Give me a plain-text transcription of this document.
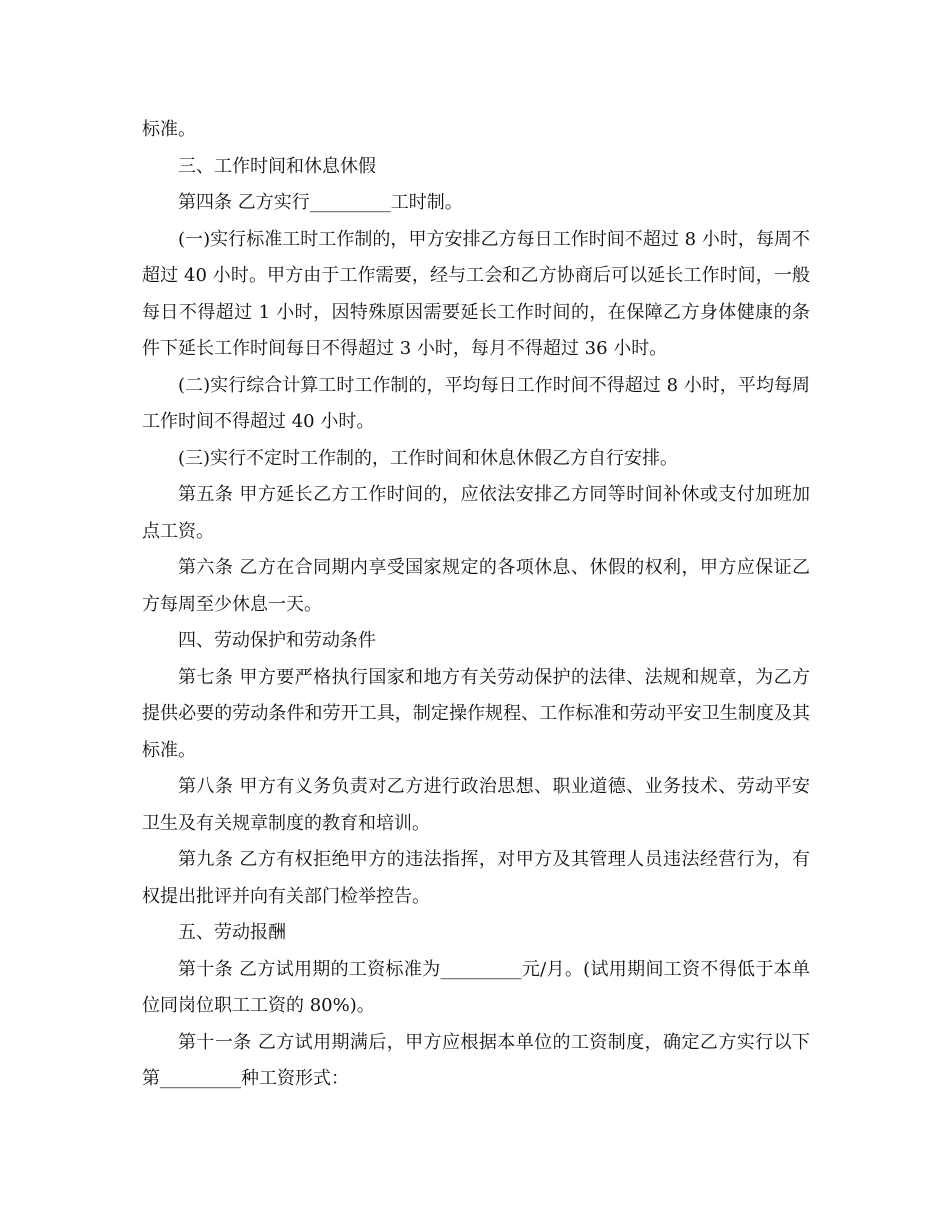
标准。

三、工作时间和休息休假

第四条 乙方实行_________工时制。

(一)实行标准工时工作制的，甲方安排乙方每日工作时间不超过 8 小时，每周不超过 40 小时。甲方由于工作需要，经与工会和乙方协商后可以延长工作时间，一般每日不得超过 1 小时，因特殊原因需要延长工作时间的，在保障乙方身体健康的条件下延长工作时间每日不得超过 3 小时，每月不得超过 36 小时。

(二)实行综合计算工时工作制的，平均每日工作时间不得超过 8 小时，平均每周工作时间不得超过 40 小时。

(三)实行不定时工作制的，工作时间和休息休假乙方自行安排。

第五条 甲方延长乙方工作时间的，应依法安排乙方同等时间补休或支付加班加点工资。

第六条 乙方在合同期内享受国家规定的各项休息、休假的权利，甲方应保证乙方每周至少休息一天。

四、劳动保护和劳动条件

第七条 甲方要严格执行国家和地方有关劳动保护的法律、法规和规章，为乙方提供必要的劳动条件和劳开工具，制定操作规程、工作标准和劳动平安卫生制度及其标准。

第八条 甲方有义务负责对乙方进行政治思想、职业道德、业务技术、劳动平安卫生及有关规章制度的教育和培训。

第九条 乙方有权拒绝甲方的违法指挥，对甲方及其管理人员违法经营行为，有权提出批评并向有关部门检举控告。

五、劳动报酬

第十条 乙方试用期的工资标准为_________元/月。(试用期间工资不得低于本单位同岗位职工工资的 80%)。

第十一条 乙方试用期满后，甲方应根据本单位的工资制度，确定乙方实行以下第_________种工资形式：
